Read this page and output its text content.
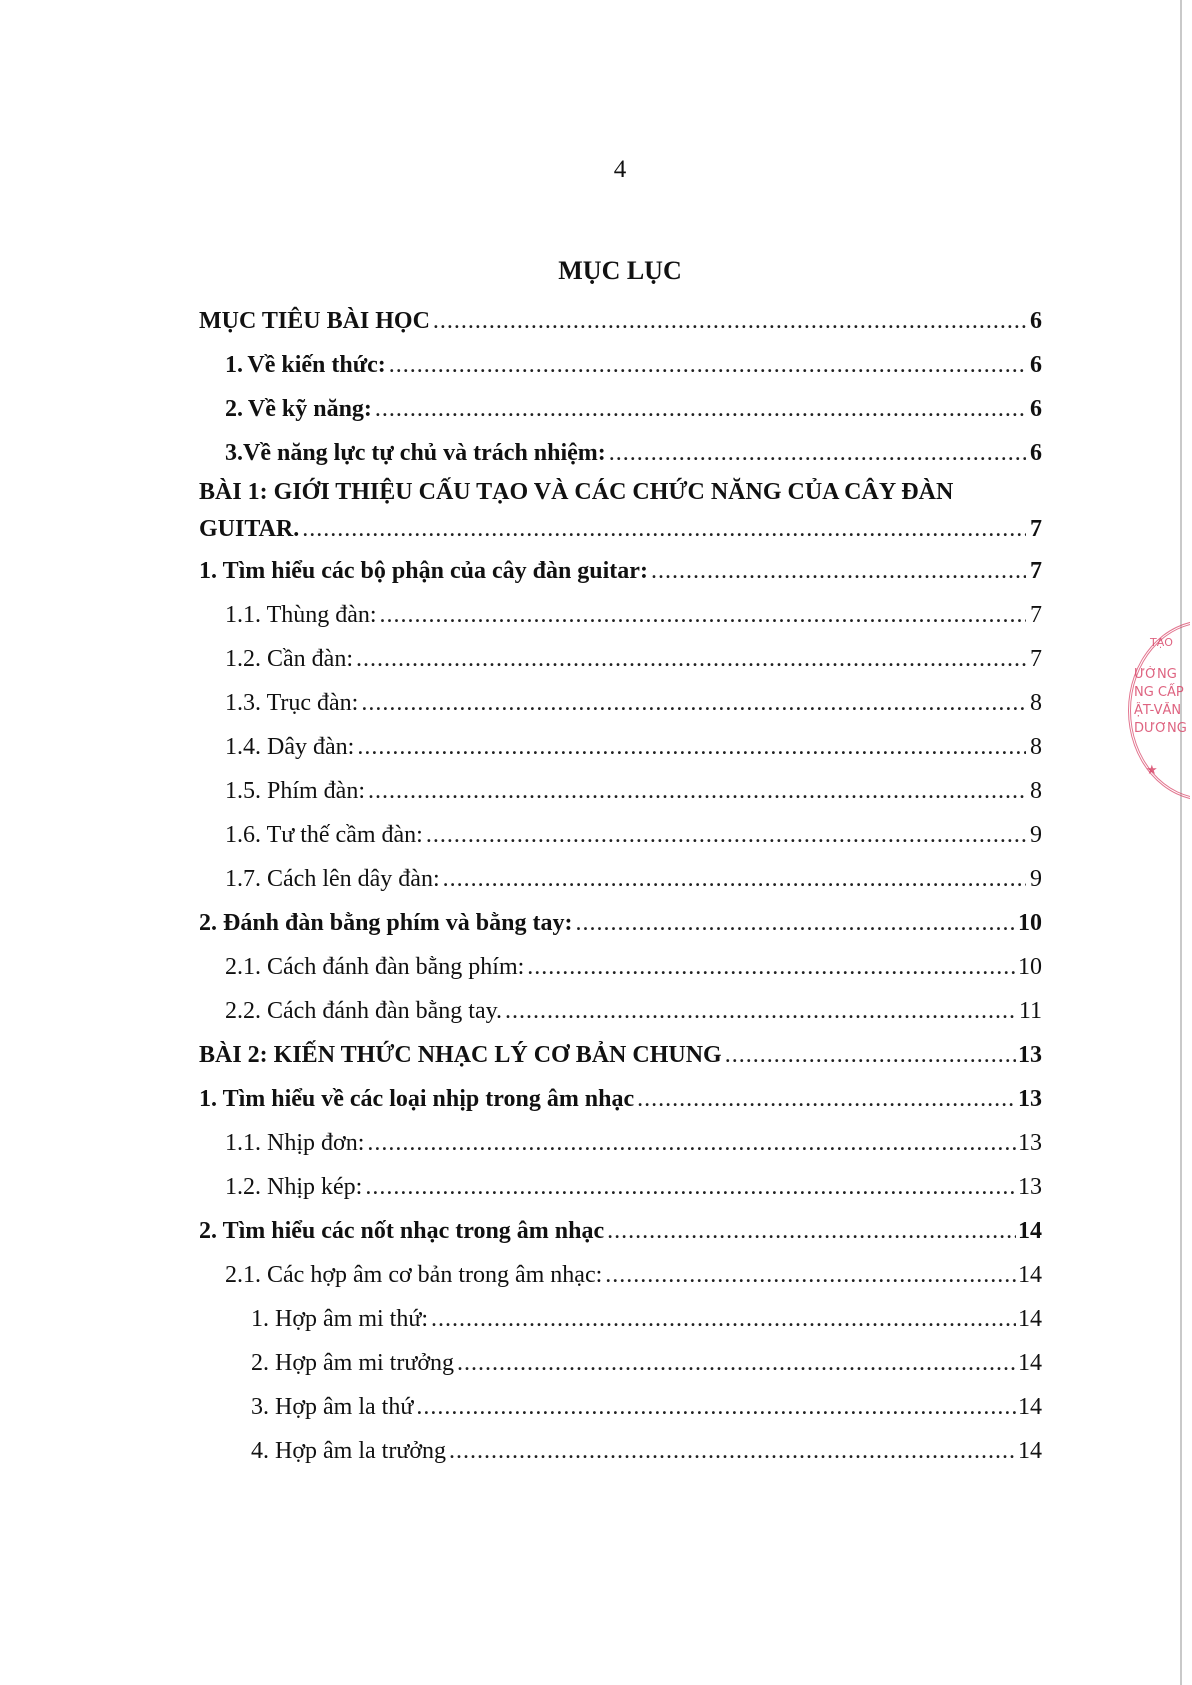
4
MỤC LỤC
MỤC TIÊU BÀI HỌC .....	6
1. Về kiến thức: .....	6
2. Về kỹ năng: .....	6
3. Về năng lực tự chủ và trách nhiệm: .....	6
BÀI 1: GIỚI THIỆU CẤU TẠO VÀ CÁC CHỨC NĂNG CỦA CÂY ĐÀN
GUITAR. .....	7
1. Tìm hiểu các bộ phận của cây đàn guitar: .....	7
1.1. Thùng đàn: .....	7
1.2. Cần đàn: .....	7
1.3. Trục đàn: .....	8
1.4. Dây đàn: .....	8
1.5. Phím đàn: .....	8
1.6. Tư thế cầm đàn: .....	9
1.7. Cách lên dây đàn: .....	9
2. Đánh đàn bằng phím và bằng tay: .....	10
2.1. Cách đánh đàn bằng phím: .....	10
2.2. Cách đánh đàn bằng tay. .....	11
BÀI 2: KIẾN THỨC NHẠC LÝ CƠ BẢN CHUNG .....	13
1. Tìm hiểu về các loại nhịp trong âm nhạc .....	13
1.1. Nhịp đơn: .....	13
1.2. Nhịp kép: .....	13
2. Tìm hiểu các nốt nhạc trong âm nhạc .....	14
2.1. Các hợp âm cơ bản trong âm nhạc: .....	14
1. Hợp âm mi thứ: .....	14
2. Hợp âm mi trưởng .....	14
3. Hợp âm la thứ .....	14
4. Hợp âm la trưởng .....	14
TẠO
ƯỜNG
NG CẤP
ẬT-VĂN
DƯƠNG
★
